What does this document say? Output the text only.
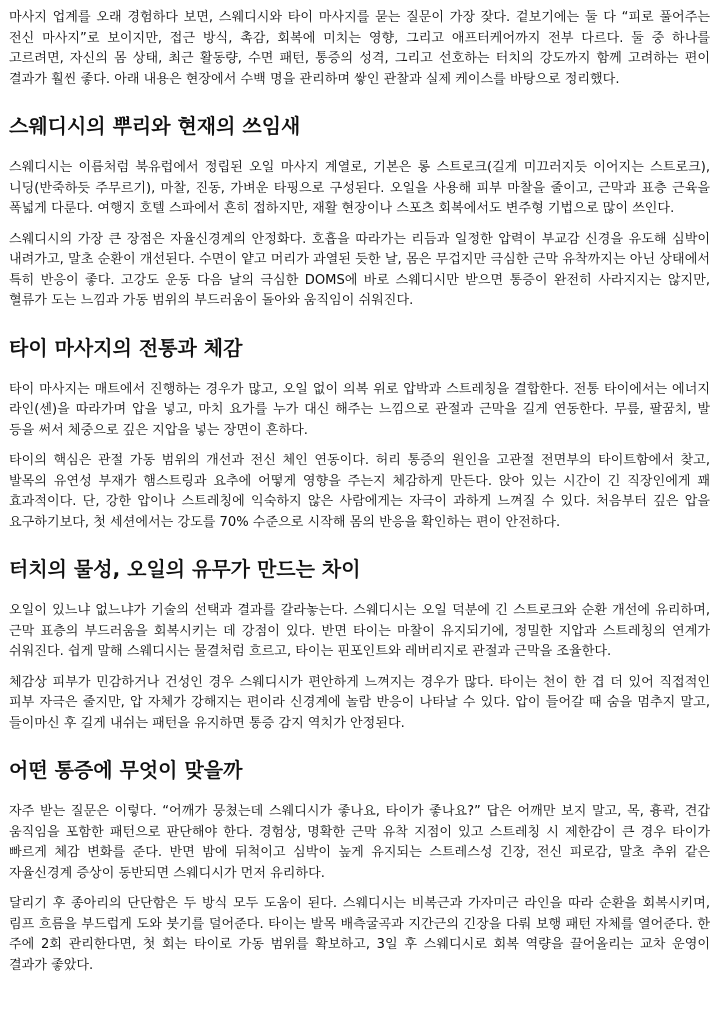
마사지 업계를 오래 경험하다 보면, 스웨디시와 타이 마사지를 묻는 질문이 가장 잦다. 겉보기에는 둘 다 “피로 풀어주는 전신 마사지”로 보이지만, 접근 방식, 촉감, 회복에 미치는 영향, 그리고 애프터케어까지 전부 다르다. 둘 중 하나를 고르려면, 자신의 몸 상태, 최근 활동량, 수면 패턴, 통증의 성격, 그리고 선호하는 터치의 강도까지 함께 고려하는 편이 결과가 훨씬 좋다. 아래 내용은 현장에서 수백 명을 관리하며 쌓인 관찰과 실제 케이스를 바탕으로 정리했다.

스웨디시의 뿌리와 현재의 쓰임새

스웨디시는 이름처럼 북유럽에서 정립된 오일 마사지 계열로, 기본은 롱 스트로크(길게 미끄러지듯 이어지는 스트로크), 니딩(반죽하듯 주무르기), 마찰, 진동, 가벼운 타핑으로 구성된다. 오일을 사용해 피부 마찰을 줄이고, 근막과 표층 근육을 폭넓게 다룬다. 여행지 호텔 스파에서 흔히 접하지만, 재활 현장이나 스포츠 회복에서도 변주형 기법으로 많이 쓰인다.

스웨디시의 가장 큰 장점은 자율신경계의 안정화다. 호흡을 따라가는 리듬과 일정한 압력이 부교감 신경을 유도해 심박이 내려가고, 말초 순환이 개선된다. 수면이 얕고 머리가 과열된 듯한 날, 몸은 무겁지만 극심한 근막 유착까지는 아닌 상태에서 특히 반응이 좋다. 고강도 운동 다음 날의 극심한 DOMS에 바로 스웨디시만 받으면 통증이 완전히 사라지지는 않지만, 혈류가 도는 느낌과 가동 범위의 부드러움이 돌아와 움직임이 쉬워진다.

타이 마사지의 전통과 체감

타이 마사지는 매트에서 진행하는 경우가 많고, 오일 없이 의복 위로 압박과 스트레칭을 결합한다. 전통 타이에서는 에너지 라인(센)을 따라가며 압을 넣고, 마치 요가를 누가 대신 해주는 느낌으로 관절과 근막을 길게 연동한다. 무릎, 팔꿈치, 발 등을 써서 체중으로 깊은 지압을 넣는 장면이 흔하다.

타이의 핵심은 관절 가동 범위의 개선과 전신 체인 연동이다. 허리 통증의 원인을 고관절 전면부의 타이트함에서 찾고, 발목의 유연성 부재가 햄스트링과 요추에 어떻게 영향을 주는지 체감하게 만든다. 앉아 있는 시간이 긴 직장인에게 꽤 효과적이다. 단, 강한 압이나 스트레칭에 익숙하지 않은 사람에게는 자극이 과하게 느껴질 수 있다. 처음부터 깊은 압을 요구하기보다, 첫 세션에서는 강도를 70% 수준으로 시작해 몸의 반응을 확인하는 편이 안전하다.

터치의 물성, 오일의 유무가 만드는 차이

오일이 있느냐 없느냐가 기술의 선택과 결과를 갈라놓는다. 스웨디시는 오일 덕분에 긴 스트로크와 순환 개선에 유리하며, 근막 표층의 부드러움을 회복시키는 데 강점이 있다. 반면 타이는 마찰이 유지되기에, 정밀한 지압과 스트레칭의 연계가 쉬워진다. 쉽게 말해 스웨디시는 물결처럼 흐르고, 타이는 핀포인트와 레버리지로 관절과 근막을 조율한다.

체감상 피부가 민감하거나 건성인 경우 스웨디시가 편안하게 느껴지는 경우가 많다. 타이는 천이 한 겹 더 있어 직접적인 피부 자극은 줄지만, 압 자체가 강해지는 편이라 신경계에 놀람 반응이 나타날 수 있다. 압이 들어갈 때 숨을 멈추지 말고, 들이마신 후 길게 내쉬는 패턴을 유지하면 통증 감지 역치가 안정된다.

어떤 통증에 무엇이 맞을까

자주 받는 질문은 이렇다. “어깨가 뭉쳤는데 스웨디시가 좋나요, 타이가 좋나요?” 답은 어깨만 보지 말고, 목, 흉곽, 견갑 움직임을 포함한 패턴으로 판단해야 한다. 경험상, 명확한 근막 유착 지점이 있고 스트레칭 시 제한감이 큰 경우 타이가 빠르게 체감 변화를 준다. 반면 밤에 뒤척이고 심박이 높게 유지되는 스트레스성 긴장, 전신 피로감, 말초 추위 같은 자율신경계 증상이 동반되면 스웨디시가 먼저 유리하다.

달리기 후 종아리의 단단함은 두 방식 모두 도움이 된다. 스웨디시는 비복근과 가자미근 라인을 따라 순환을 회복시키며, 림프 흐름을 부드럽게 도와 붓기를 덜어준다. 타이는 발목 배측굴곡과 지간근의 긴장을 다뤄 보행 패턴 자체를 열어준다. 한 주에 2회 관리한다면, 첫 회는 타이로 가동 범위를 확보하고, 3일 후 스웨디시로 회복 역량을 끌어올리는 교차 운영이 결과가 좋았다.
